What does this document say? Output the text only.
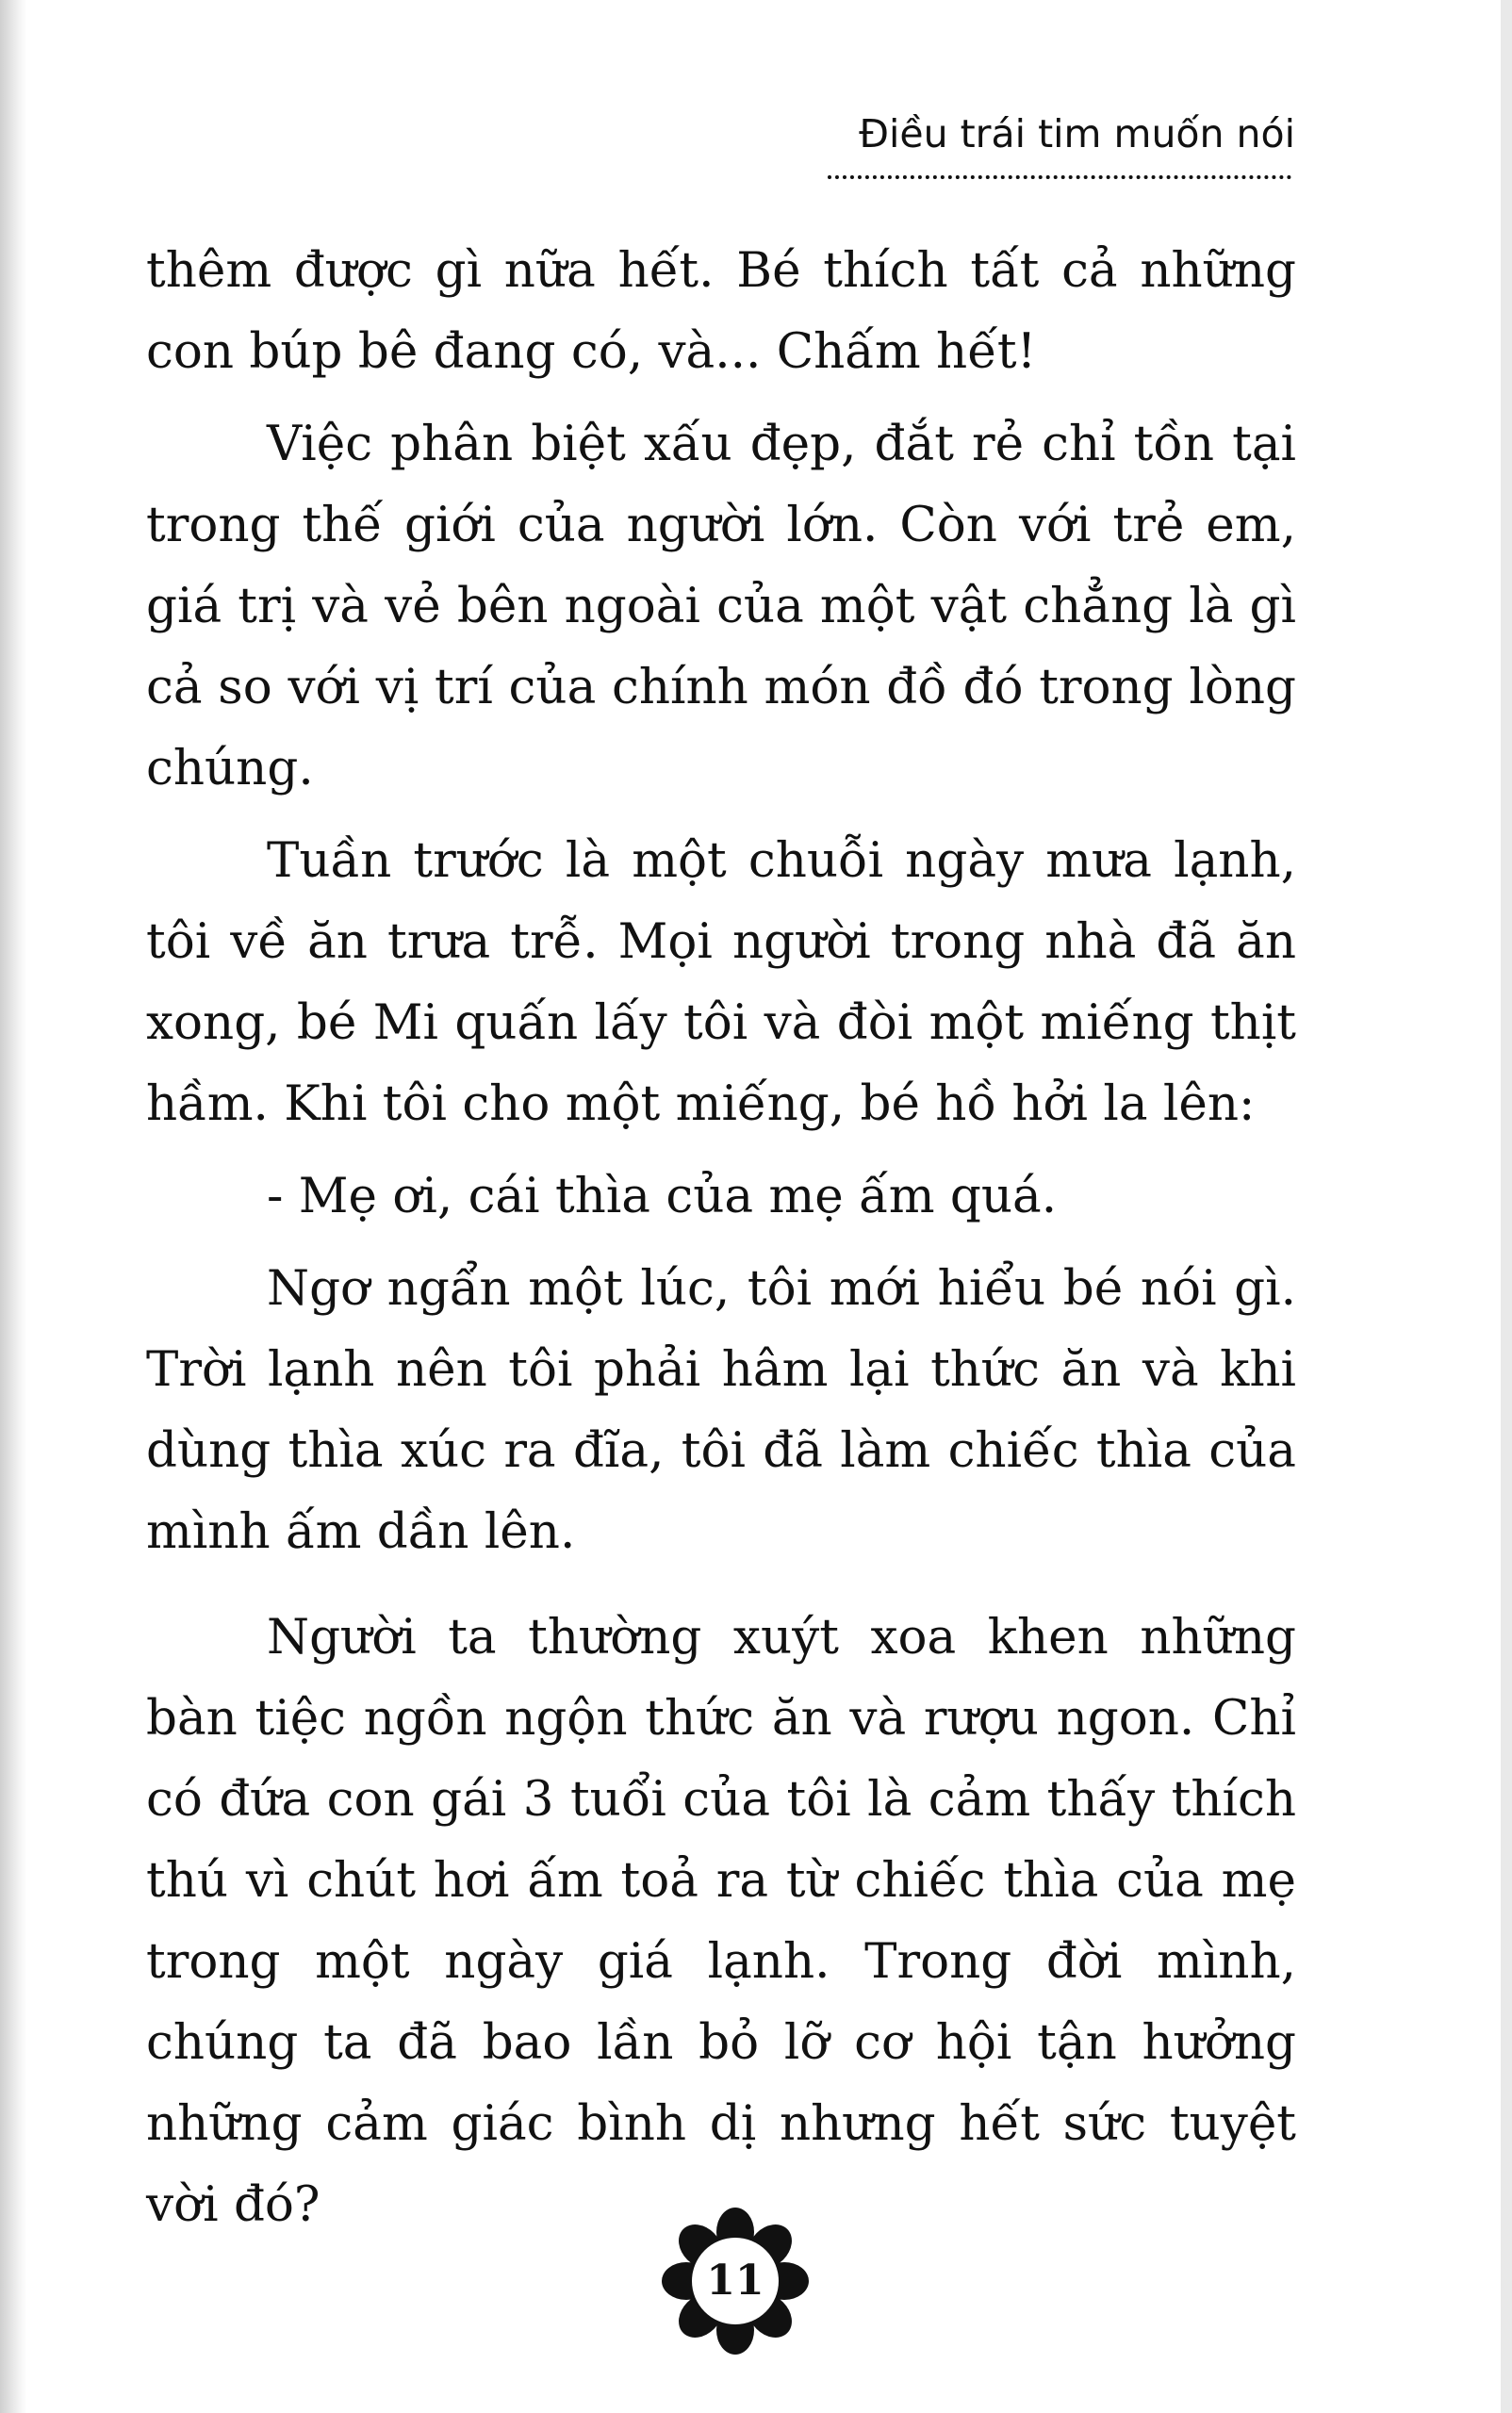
Điều trái tim muốn nói

thêm được gì nữa hết. Bé thích tất cả những con búp bê đang có, và... Chấm hết!

Việc phân biệt xấu đẹp, đắt rẻ chỉ tồn tại trong thế giới của người lớn. Còn với trẻ em, giá trị và vẻ bên ngoài của một vật chẳng là gì cả so với vị trí của chính món đồ đó trong lòng chúng.

Tuần trước là một chuỗi ngày mưa lạnh, tôi về ăn trưa trễ. Mọi người trong nhà đã ăn xong, bé Mi quấn lấy tôi và đòi một miếng thịt hầm. Khi tôi cho một miếng, bé hồ hởi la lên:

- Mẹ ơi, cái thìa của mẹ ấm quá.

Ngơ ngẩn một lúc, tôi mới hiểu bé nói gì. Trời lạnh nên tôi phải hâm lại thức ăn và khi dùng thìa xúc ra đĩa, tôi đã làm chiếc thìa của mình ấm dần lên.

Người ta thường xuýt xoa khen những bàn tiệc ngồn ngộn thức ăn và rượu ngon. Chỉ có đứa con gái 3 tuổi của tôi là cảm thấy thích thú vì chút hơi ấm toả ra từ chiếc thìa của mẹ trong một ngày giá lạnh. Trong đời mình, chúng ta đã bao lần bỏ lỡ cơ hội tận hưởng những cảm giác bình dị nhưng hết sức tuyệt vời đó?

11
